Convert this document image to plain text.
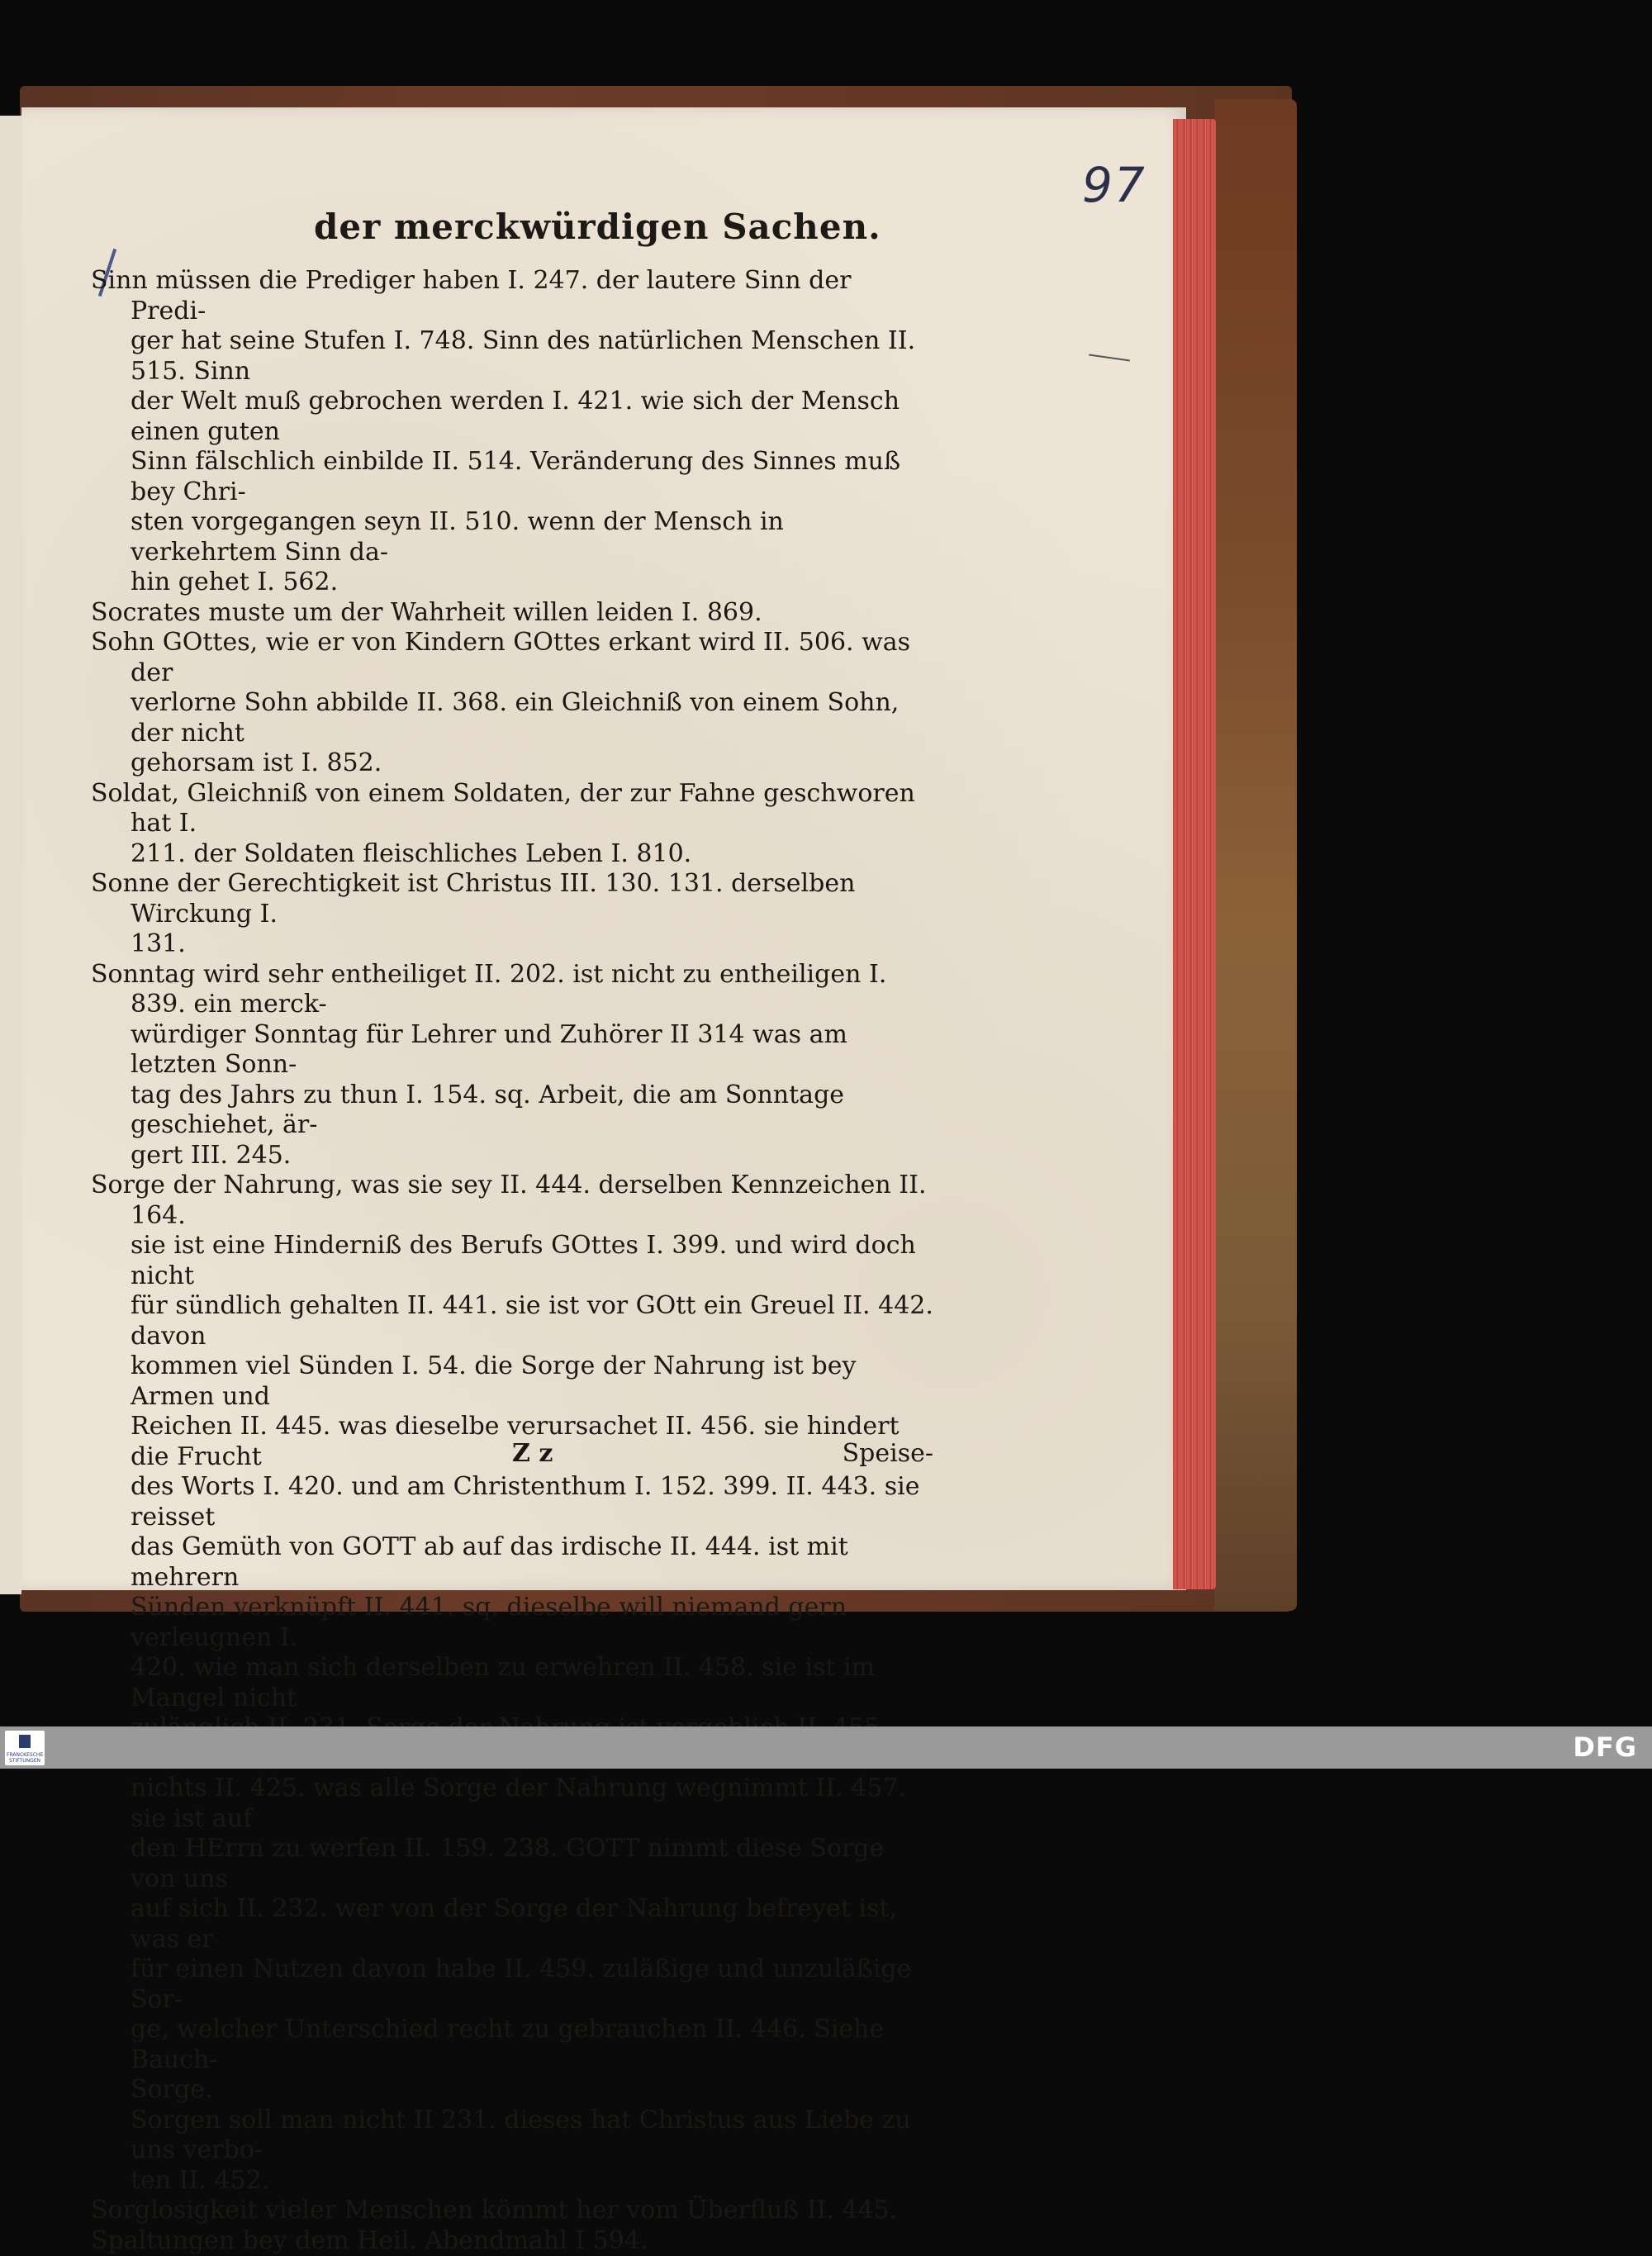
97
der merckwürdigen Sachen.

Sinn müssen die Prediger haben I. 247. der lautere Sinn der Predi-
ger hat seine Stufen I. 748. Sinn des natürlichen Menschen II. 515. Sinn
der Welt muß gebrochen werden I. 421. wie sich der Mensch einen guten
Sinn fälschlich einbilde II. 514. Veränderung des Sinnes muß bey Chri-
sten vorgegangen seyn II. 510. wenn der Mensch in verkehrtem Sinn da-
hin gehet I. 562.

Socrates muste um der Wahrheit willen leiden I. 869.

Sohn GOttes, wie er von Kindern GOttes erkant wird II. 506. was der
verlorne Sohn abbilde II. 368. ein Gleichniß von einem Sohn, der nicht
gehorsam ist I. 852.

Soldat, Gleichniß von einem Soldaten, der zur Fahne geschworen hat I.
211. der Soldaten fleischliches Leben I. 810.

Sonne der Gerechtigkeit ist Christus III. 130. 131. derselben Wirckung I.
131.

Sonntag wird sehr entheiliget II. 202. ist nicht zu entheiligen I. 839. ein merck-
würdiger Sonntag für Lehrer und Zuhörer II 314 was am letzten Sonn-
tag des Jahrs zu thun I. 154. sq. Arbeit, die am Sonntage geschiehet, är-
gert III. 245.

Sorge der Nahrung, was sie sey II. 444. derselben Kennzeichen II. 164.
sie ist eine Hinderniß des Berufs GOttes I. 399. und wird doch nicht
für sündlich gehalten II. 441. sie ist vor GOtt ein Greuel II. 442. davon
kommen viel Sünden I. 54. die Sorge der Nahrung ist bey Armen und
Reichen II. 445. was dieselbe verursachet II. 456. sie hindert die Frucht
des Worts I. 420. und am Christenthum I. 152. 399. II. 443. sie reisset
das Gemüth von GOTT ab auf das irdische II. 444. ist mit mehrern
Sünden verknüpft II. 441. sq. dieselbe will niemand gern verleugnen I.
420. wie man sich derselben zu erwehren II. 458. sie ist im Mangel nicht

nichts II. 425. was alle Sorge der Nahrung wegnimmt II. 457. sie ist auf
den HErrn zu werfen II. 159. 238. GOTT nimmt diese Sorge von uns
auf sich II. 232. wer von der Sorge der Nahrung befreyet ist, was er
für einen Nutzen davon habe II. 459. zuläßige und unzuläßige Sor-
ge, welcher Unterschied recht zu gebrauchen II. 446. Siehe Bauch-
Sorge.

Sorgen soll man nicht II 231. dieses hat Christus aus Liebe zu uns verbo-
ten II. 452.

Sorglosigkeit vieler Menschen kömmt her vom Überfluß II. 445.

Spaltungen bey dem Heil. Abendmahl I 594.

Z z	Speise-
FRANCKESCHE STIFTUNGEN	DFG
